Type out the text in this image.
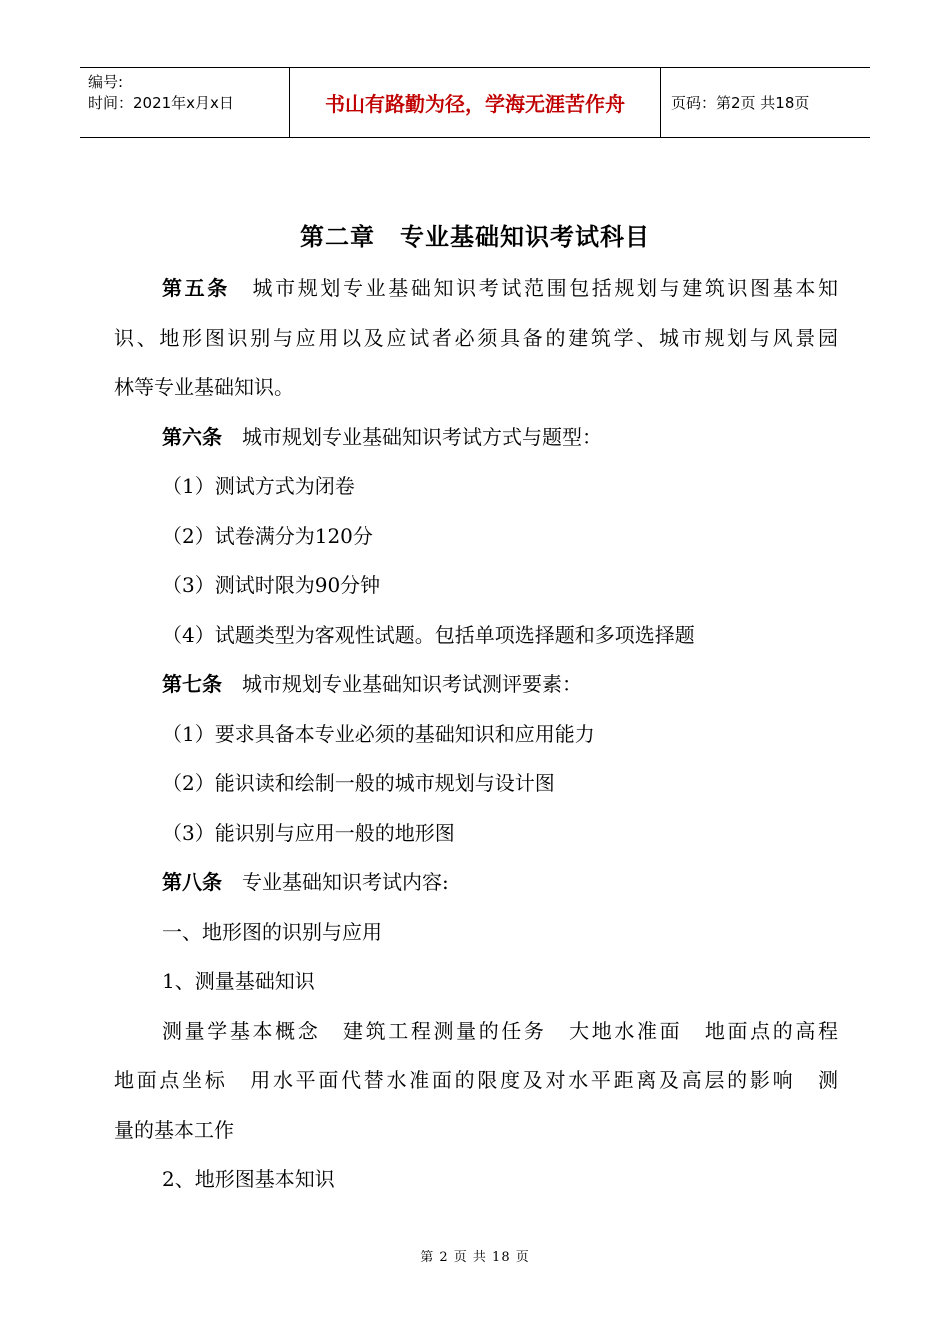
编号:
时间：2021年x月x日	书山有路勤为径，学海无涯苦作舟	页码：第2页 共18页
第二章　专业基础知识考试科目

第五条　 城市规划专业基础知识考试范围包括规划与建筑识图基本知

识、地形图识别与应用以及应试者必须具备的建筑学、城市规划与风景园

林等专业基础知识。

第六条　 城市规划专业基础知识考试方式与题型：

（1）测试方式为闭卷

（2）试卷满分为120分

（3）测试时限为90分钟

（4）试题类型为客观性试题。包括单项选择题和多项选择题

第七条　 城市规划专业基础知识考试测评要素：

（1）要求具备本专业必须的基础知识和应用能力

（2）能识读和绘制一般的城市规划与设计图

（3）能识别与应用一般的地形图

第八条　 专业基础知识考试内容:

一、地形图的识别与应用

1、测量基础知识

测量学基本概念　建筑工程测量的任务　大地水准面　地面点的高程

地面点坐标　用水平面代替水准面的限度及对水平距离及高层的影响　测

量的基本工作

2、地形图基本知识

第 2 页 共 18 页
